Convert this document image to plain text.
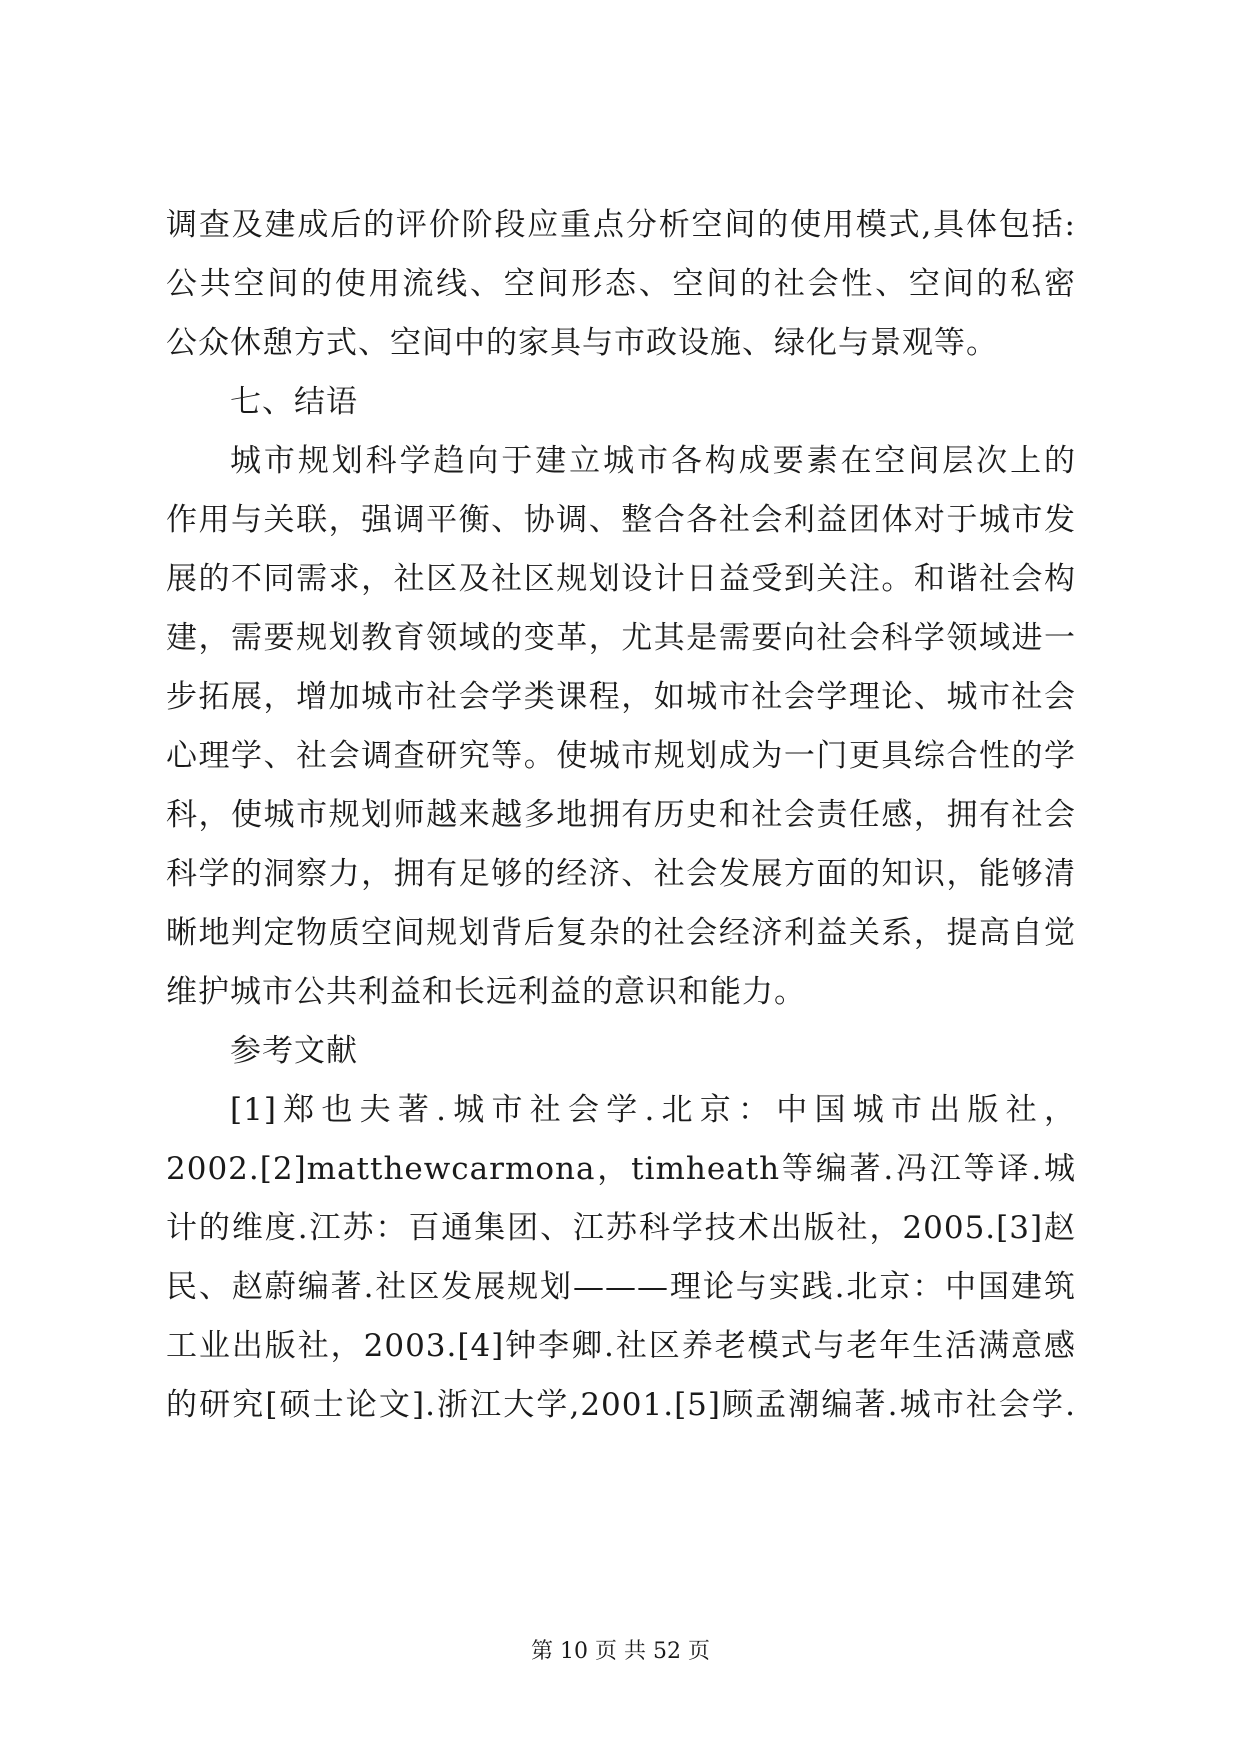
调查及建成后的评价阶段应重点分析空间的使用模式,具体包括:
公共空间的使用流线、空间形态、空间的社会性、空间的私密
公众休憩方式、空间中的家具与市政设施、绿化与景观等。
七、结语
城市规划科学趋向于建立城市各构成要素在空间层次上的
作用与关联，强调平衡、协调、整合各社会利益团体对于城市发
展的不同需求，社区及社区规划设计日益受到关注。和谐社会构
建，需要规划教育领域的变革，尤其是需要向社会科学领域进一
步拓展，增加城市社会学类课程，如城市社会学理论、城市社会
心理学、社会调查研究等。使城市规划成为一门更具综合性的学
科，使城市规划师越来越多地拥有历史和社会责任感，拥有社会
科学的洞察力，拥有足够的经济、社会发展方面的知识，能够清
晰地判定物质空间规划背后复杂的社会经济利益关系，提高自觉
维护城市公共利益和长远利益的意识和能力。
参考文献
[1]郑也夫著.城市社会学.北京：中国城市出版社，
2002.[2]matthewcarmona，timheath等编著.冯江等译.城
计的维度.江苏：百通集团、江苏科学技术出版社，2005.[3]赵
民、赵蔚编著.社区发展规划———理论与实践.北京：中国建筑
工业出版社，2003.[4]钟李卿.社区养老模式与老年生活满意感
的研究[硕士论文].浙江大学,2001.[5]顾孟潮编著.城市社会学.
第 10 页 共 52 页
